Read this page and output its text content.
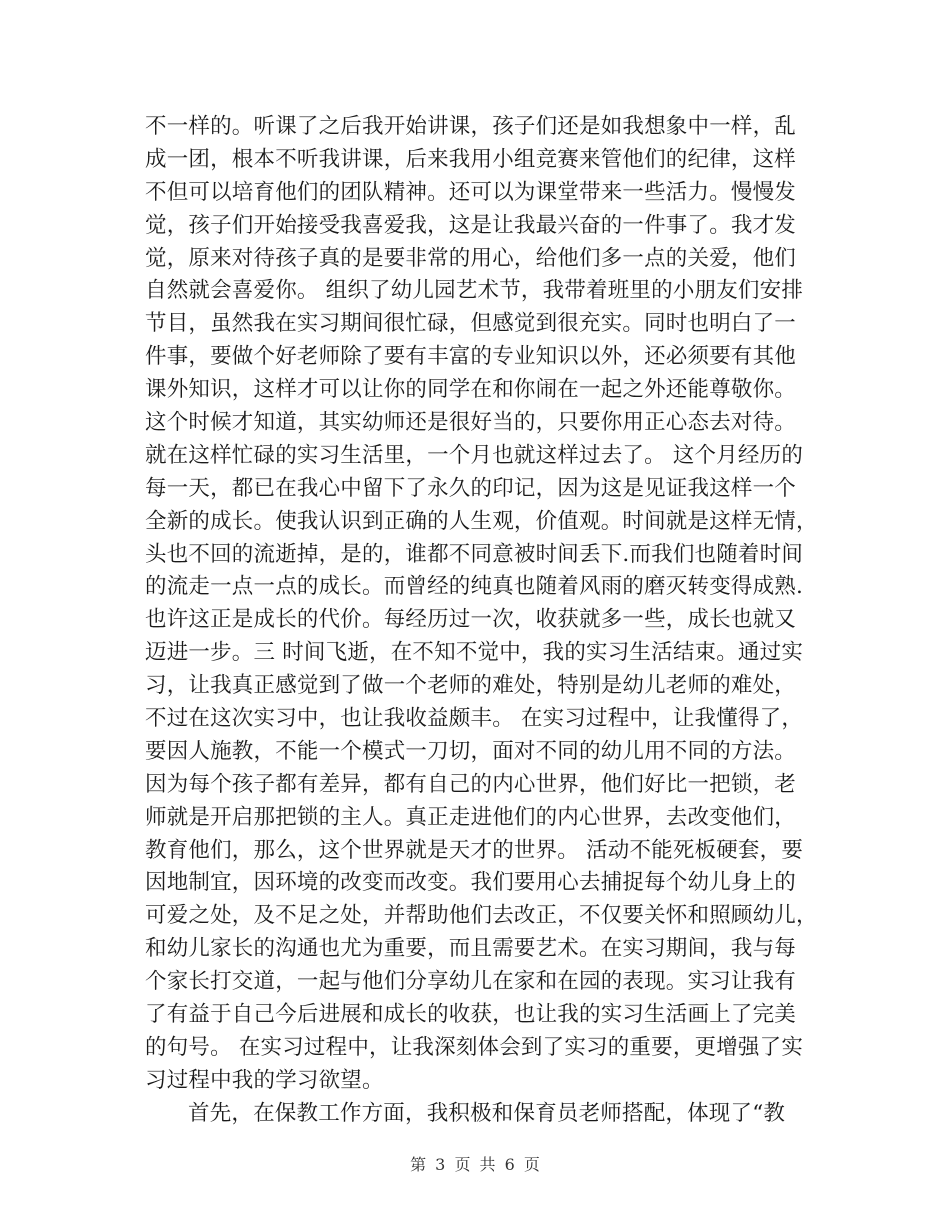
不一样的。听课了之后我开始讲课，孩子们还是如我想象中一样，乱
成一团，根本不听我讲课，后来我用小组竞赛来管他们的纪律，这样
不但可以培育他们的团队精神。还可以为课堂带来一些活力。慢慢发
觉，孩子们开始接受我喜爱我，这是让我最兴奋的一件事了。我才发
觉，原来对待孩子真的是要非常的用心，给他们多一点的关爱，他们
自然就会喜爱你。 组织了幼儿园艺术节，我带着班里的小朋友们安排
节目，虽然我在实习期间很忙碌，但感觉到很充实。同时也明白了一
件事，要做个好老师除了要有丰富的专业知识以外，还必须要有其他
课外知识，这样才可以让你的同学在和你闹在一起之外还能尊敬你。
这个时候才知道，其实幼师还是很好当的，只要你用正心态去对待。
就在这样忙碌的实习生活里，一个月也就这样过去了。 这个月经历的
每一天，都已在我心中留下了永久的印记，因为这是见证我这样一个
全新的成长。使我认识到正确的人生观，价值观。时间就是这样无情，
头也不回的流逝掉，是的，谁都不同意被时间丢下.而我们也随着时间
的流走一点一点的成长。而曾经的纯真也随着风雨的磨灭转变得成熟.
也许这正是成长的代价。每经历过一次，收获就多一些，成长也就又
迈进一步。三 时间飞逝，在不知不觉中，我的实习生活结束。通过实
习，让我真正感觉到了做一个老师的难处，特别是幼儿老师的难处，
不过在这次实习中，也让我收益颇丰。 在实习过程中，让我懂得了，
要因人施教，不能一个模式一刀切，面对不同的幼儿用不同的方法。
因为每个孩子都有差异，都有自己的内心世界，他们好比一把锁，老
师就是开启那把锁的主人。真正走进他们的内心世界，去改变他们，
教育他们，那么，这个世界就是天才的世界。 活动不能死板硬套，要
因地制宜，因环境的改变而改变。我们要用心去捕捉每个幼儿身上的
可爱之处，及不足之处，并帮助他们去改正，不仅要关怀和照顾幼儿，
和幼儿家长的沟通也尤为重要，而且需要艺术。在实习期间，我与每
个家长打交道，一起与他们分享幼儿在家和在园的表现。实习让我有
了有益于自己今后进展和成长的收获，也让我的实习生活画上了完美
的句号。 在实习过程中，让我深刻体会到了实习的重要，更增强了实
习过程中我的学习欲望。
首先，在保教工作方面，我积极和保育员老师搭配，体现了“教
第 3 页 共 6 页
